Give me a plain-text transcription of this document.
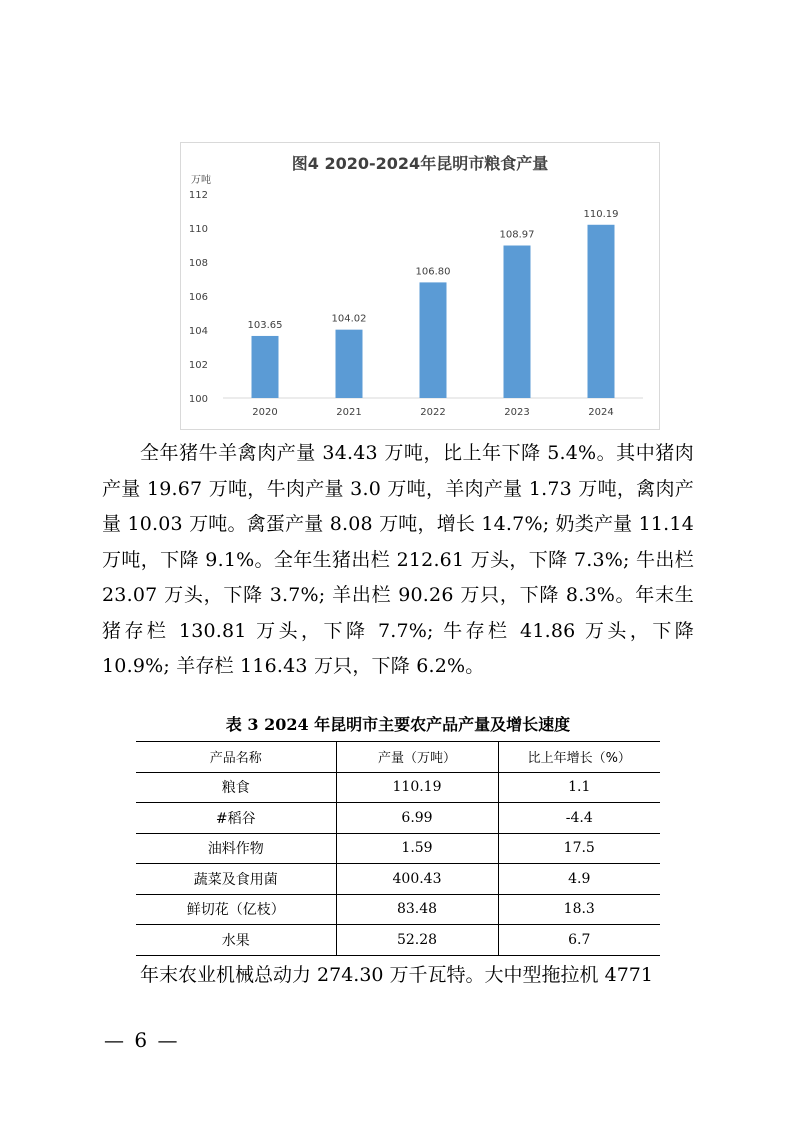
图4 2020-2024年昆明市粮食产量
万吨
100
102
104
106
108
110
112
103.65
2020
104.02
2021
106.80
2022
108.97
2023
110.19
2024
全年猪牛羊禽肉产量 34.43 万吨，比上年下降 5.4%。其中猪肉产量 19.67 万吨，牛肉产量 3.0 万吨，羊肉产量 1.73 万吨，禽肉产量 10.03 万吨。禽蛋产量 8.08 万吨，增长 14.7%; 奶类产量 11.14 万吨，下降 9.1%。全年生猪出栏 212.61 万头，下降 7.3%; 牛出栏 23.07 万头，下降 3.7%; 羊出栏 90.26 万只，下降 8.3%。年末生猪存栏 130.81 万头，下降 7.7%; 牛存栏 41.86 万头，下降 10.9%; 羊存栏 116.43 万只，下降 6.2%。
表 3 2024 年昆明市主要农产品产量及增长速度
产品名称	产量（万吨）	比上年增长（%）
粮食	110.19	1.1
#稻谷	6.99	-4.4
油料作物	1.59	17.5
蔬菜及食用菌	400.43	4.9
鲜切花（亿枝）	83.48	18.3
水果	52.28	6.7
年末农业机械总动力 274.30 万千瓦特。大中型拖拉机 4771
— 6 —
